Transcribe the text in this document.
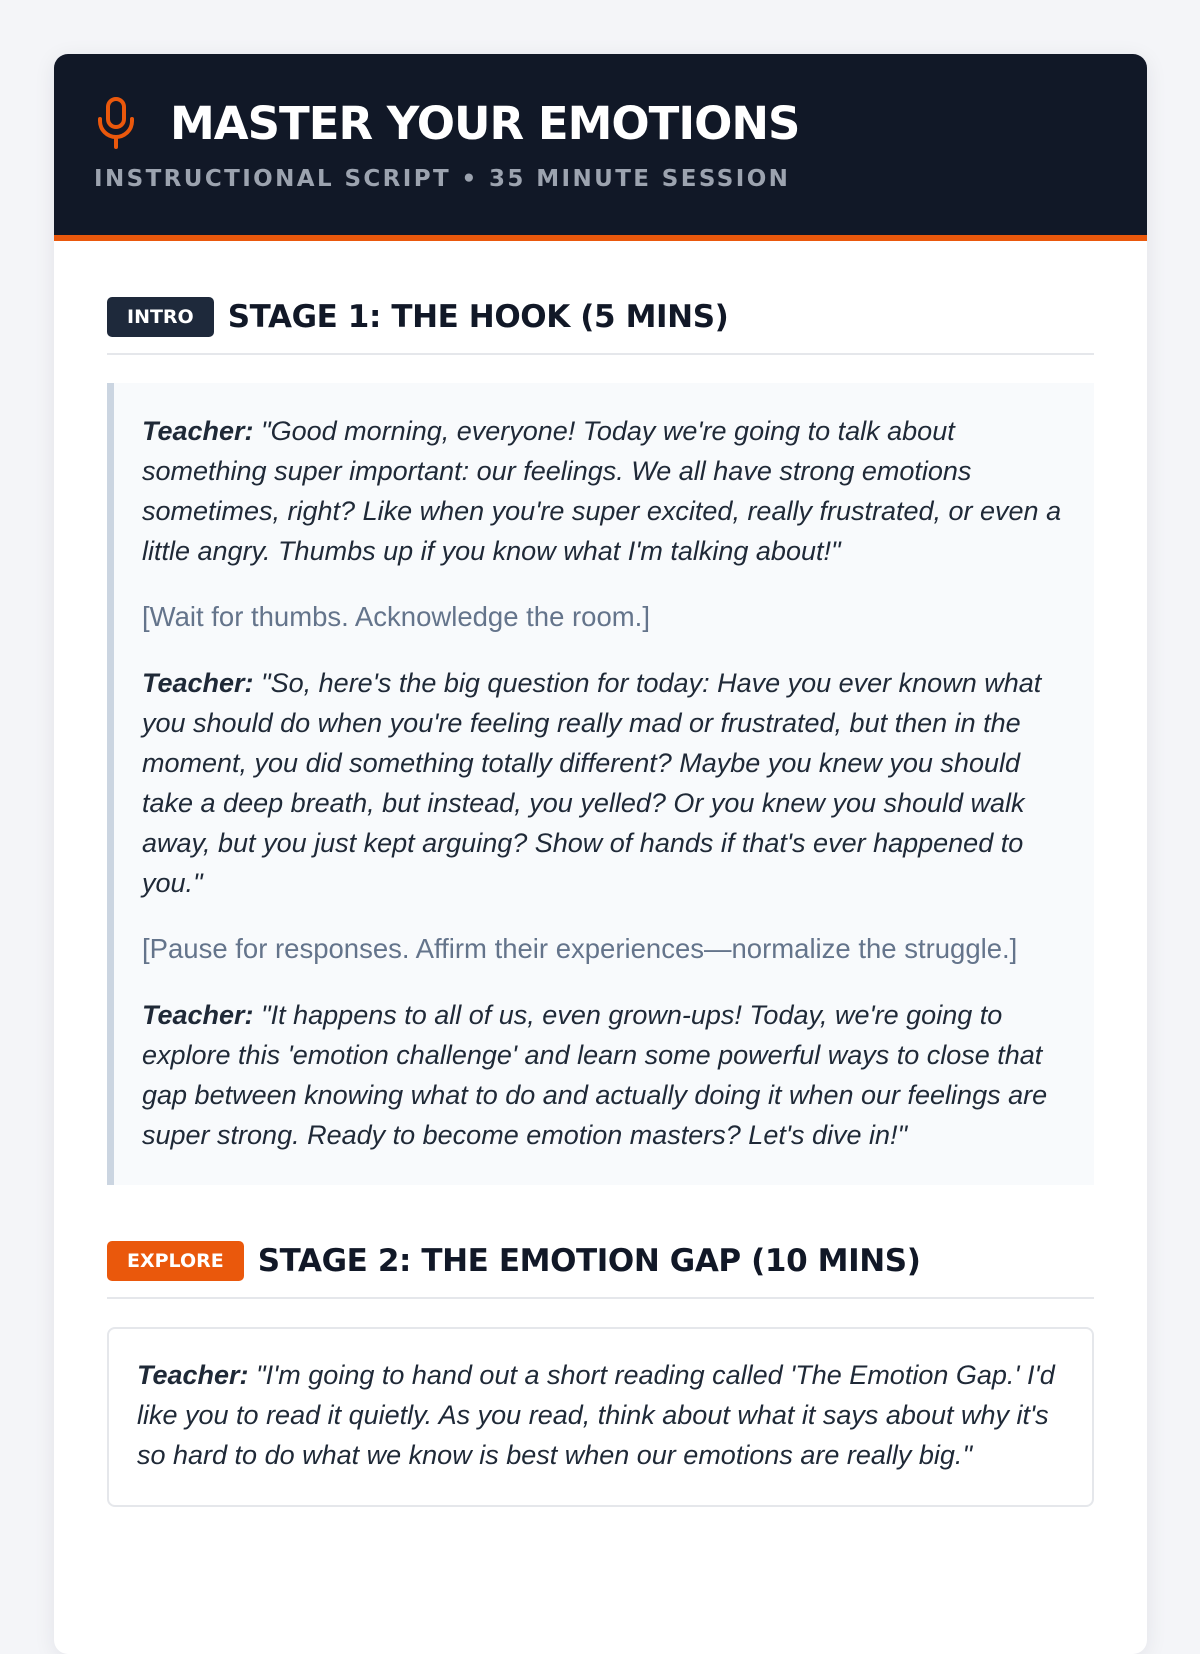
MASTER YOUR EMOTIONS
INSTRUCTIONAL SCRIPT • 35 MINUTE SESSION
INTRO	STAGE 1: THE HOOK (5 MINS)

Teacher: "Good morning, everyone! Today we're going to talk about something super important: our feelings. We all have strong emotions sometimes, right? Like when you're super excited, really frustrated, or even a little angry. Thumbs up if you know what I'm talking about!"

[Wait for thumbs. Acknowledge the room.]

Teacher: "So, here's the big question for today: Have you ever known what you should do when you're feeling really mad or frustrated, but then in the moment, you did something totally different? Maybe you knew you should take a deep breath, but instead, you yelled? Or you knew you should walk away, but you just kept arguing? Show of hands if that's ever happened to you."

[Pause for responses. Affirm their experiences—normalize the struggle.]

Teacher: "It happens to all of us, even grown-ups! Today, we're going to explore this 'emotion challenge' and learn some powerful ways to close that gap between knowing what to do and actually doing it when our feelings are super strong. Ready to become emotion masters? Let's dive in!"

EXPLORE	STAGE 2: THE EMOTION GAP (10 MINS)

Teacher: "I'm going to hand out a short reading called 'The Emotion Gap.' I'd like you to read it quietly. As you read, think about what it says about why it's so hard to do what we know is best when our emotions are really big."
